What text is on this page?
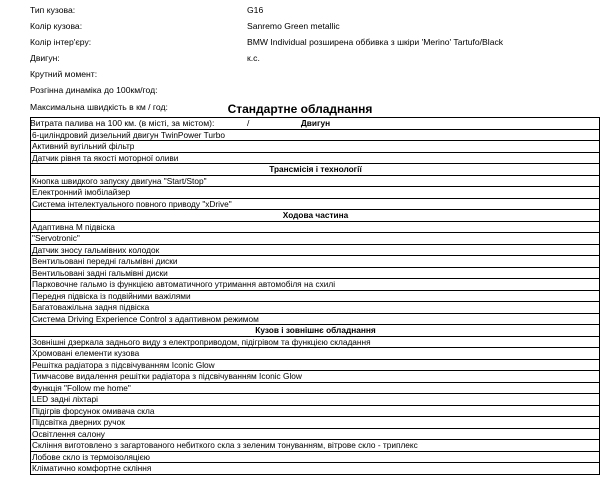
Тип кузова:	G16
Колір кузова:	Sanremo Green metallic
Колір інтер'єру:	BMW Individual розширена оббивка з шкіри 'Merino' Tartufo/Black
Двигун:	к.с.
Крутний момент:
Розгінна динаміка до 100км/год:
Максимальна швидкість в км / год:
Витрата палива на 100 км. (в місті, за містом):	/
Стандартне обладнання
Двигун
6-циліндровий дизельний двигун TwinPower Turbo
Активний вугільний фільтр
Датчик рівня та якості моторної оливи
Трансмісія і технології
Кнопка швидкого запуску двигуна "Start/Stop"
Електронний імобілайзер
Система інтелектуального повного приводу "xDrive"
Ходова частина
Адаптивна М підвіска
"Servotronic"
Датчик зносу гальмівних колодок
Вентильовані передні гальмівні диски
Вентильовані задні гальмівні диски
Парковочне гальмо із функцією автоматичного утримання автомобіля на схилі
Передня підвіска із подвійними важілями
Багатоважільна задня підвіска
Система Driving Experience Control з адаптивном режимом
Кузов і зовнішнє обладнання
Зовнішні дзеркала заднього виду з електроприводом, підігрівом та функцією складання
Хромовані елементи кузова
Решітка радіатора з підсвічуванням Iconic Glow
Тимчасове видалення решітки радіатора з підсвічуванням Iconic Glow
Функція "Follow me home"
LED задні ліхтарі
Підігрів форсунок омивача скла
Підсвітка дверних ручок
Освітлення салону
Скління виготовлено з загартованого небиткого скла з зеленим тонуванням, вітрове скло - триплекс
Лобове скло із термоізоляцією
Кліматично комфортне скління
